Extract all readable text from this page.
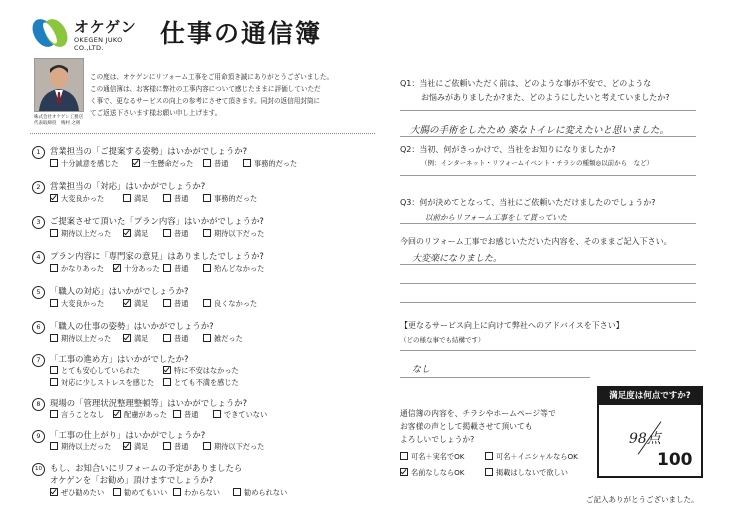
オケゲン
OKEGEN JUKO CO.,LTD.	仕事の通信簿
株式会社オケゲン工務店
代表取締役　梅村 之則
この度は、オケゲンにリフォーム工事をご用命頂き誠にありがとうございました。
この通信簿は、お客様に弊社の工事内容について感じたままに評価していただ
く事で、更なるサービスの向上の参考にさせて頂きます。同封の返信用封筒に
てご返送下さいます様お願い申し上げます。
1	営業担当の「ご提案する姿勢」はいかがでしょうか?
十分誠意を感じた	一生懸命だった	普通	事務的だった
2	営業担当の「対応」はいかがでしょうか?
大変良かった	満足	普通	事務的だった
3	ご提案させて頂いた「プラン内容」はいかがでしょうか?
期待以上だった	満足	普通	期待以下だった
4	プラン内容に「専門家の意見」はありましたでしょうか?
かなりあった	十分あった	普通	殆んどなかった
5	「職人の対応」はいかがでしょうか?
大変良かった	満足	普通	良くなかった
6	「職人の仕事の姿勢」はいかがでしょうか?
期待以上だった	満足	普通	雑だった
7	「工事の進め方」はいかがでしたか?
とても安心していられた	特に不安はなかった
対応に少しストレスを感じた	とても不満を感じた
8	現場の「管理状況整理整頓等」はいかがでしょうか?
言うことなし	配慮があった	普通	できていない
9	「工事の仕上がり」はいかがでしょうか?
期待以上だった	満足	普通	期待以下だった
10 もし、お知合いにリフォームの予定がありましたら
オケゲンを「お勧め」頂けますでしょうか?
ぜひ勧めたい	勧めてもいい	わからない	勧められない
Q1：当社にご依頼いただく前は、どのような事が不安で、どのような
お悩みがありましたか?また、どのようにしたいと考えていましたか?
大腸の手術をしたため 楽なトイレに変えたいと思いました。
Q2：当初、何がきっかけで、当社をお知りになりましたか?
（例：インターネット・リフォームイベント・チラシの種類◎以前から　など）
Q3：何が決めてとなって、当社にご依頼いただけましたのでしょうか?
以前からリフォーム工事をして貰っていた
今回のリフォーム工事でお感じいただいた内容を、そのままご記入下さい。
大変楽になりました。
【更なるサービス向上に向けて弊社へのアドバイスを下さい】
（どの様な事でも結構です）
なし
通信簿の内容を、チラシやホームページ等で
お客様の声として掲載させて頂いても
よろしいでしょうか?
可名＋実名でOK	可名＋イニシャルならOK
名前なしならOK	掲載はしないで欲しい
満足度は何点ですか?
98点
100
ご記入ありがとうございました。
